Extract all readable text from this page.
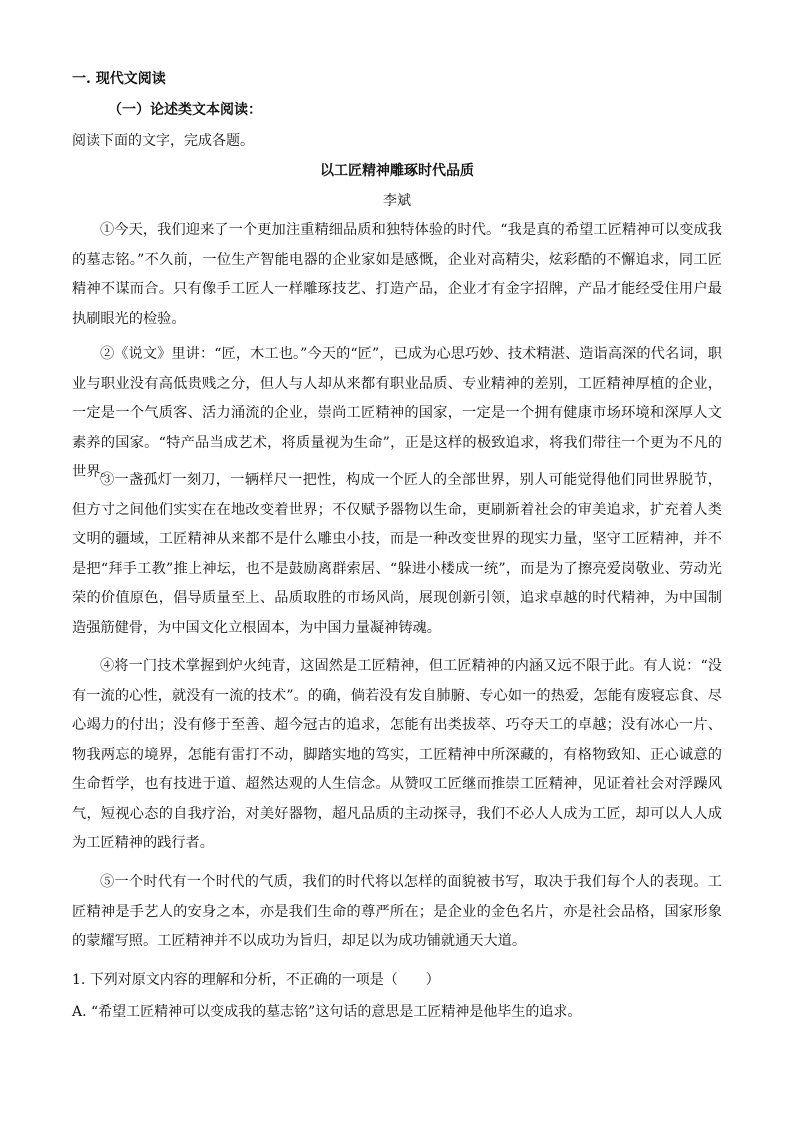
一. 现代文阅读
（一）论述类文本阅读：
阅读下面的文字，完成各题。
以工匠精神雕琢时代品质
李斌

①今天，我们迎来了一个更加注重精细品质和独特体验的时代。“我是真的希望工匠精神可以变成我的墓志铭。”不久前，一位生产智能电器的企业家如是感慨，企业对高精尖，炫彩酷的不懈追求，同工匠精神不谋而合。只有像手工匠人一样雕琢技艺、打造产品，企业才有金字招牌，产品才能经受住用户最执刷眼光的检验。

②《说文》里讲：“匠，木工也。”今天的“匠”，已成为心思巧妙、技术精湛、造诣高深的代名词，职业与职业没有高低贵贱之分，但人与人却从来都有职业品质、专业精神的差别，工匠精神厚植的企业，一定是一个气质客、活力涌流的企业，崇尚工匠精神的国家，一定是一个拥有健康市场环境和深厚人文素养的国家。“特产品当成艺术，将质量视为生命”，正是这样的极致追求，将我们带往一个更为不凡的世界。

③一盏孤灯一刻刀，一辆样尺一把性，构成一个匠人的全部世界，别人可能觉得他们同世界脱节，但方寸之间他们实实在在地改变着世界；不仅赋予器物以生命，更刷新着社会的审美追求，扩充着人类文明的疆域，工匠精神从来都不是什么雕虫小技，而是一种改变世界的现实力量，坚守工匠精神，并不是把“拜手工教”推上神坛，也不是鼓励离群索居、“躲进小楼成一统”，而是为了擦亮爱岗敬业、劳动光荣的价值原色，倡导质量至上、品质取胜的市场风尚，展现创新引领，追求卓越的时代精神，为中国制造强筋健骨，为中国文化立根固本，为中国力量凝神铸魂。

④将一门技术掌握到炉火纯青，这固然是工匠精神，但工匠精神的内涵又远不限于此。有人说：“没有一流的心性，就没有一流的技术”。的确，倘若没有发自肺腑、专心如一的热爱，怎能有废寝忘食、尽心竭力的付出；没有修于至善、超今冠古的追求，怎能有出类拔萃、巧夺天工的卓越；没有冰心一片、物我两忘的境界，怎能有雷打不动，脚踏实地的笃实，工匠精神中所深藏的，有格物致知、正心诚意的生命哲学，也有技进于道、超然达观的人生信念。从赞叹工匠继而推崇工匠精神，见证着社会对浮躁风气，短视心态的自我疗治，对美好器物，超凡品质的主动探寻，我们不必人人成为工匠，却可以人人成为工匠精神的践行者。

⑤一个时代有一个时代的气质，我们的时代将以怎样的面貌被书写，取决于我们每个人的表现。工匠精神是手艺人的安身之本，亦是我们生命的尊严所在；是企业的金色名片，亦是社会品格，国家形象的蒙耀写照。工匠精神并不以成功为旨归，却足以为成功铺就通天大道。

1. 下列对原文内容的理解和分析，不正确的一项是（　　）
A. “希望工匠精神可以变成我的墓志铭”这句话的意思是工匠精神是他毕生的追求。
